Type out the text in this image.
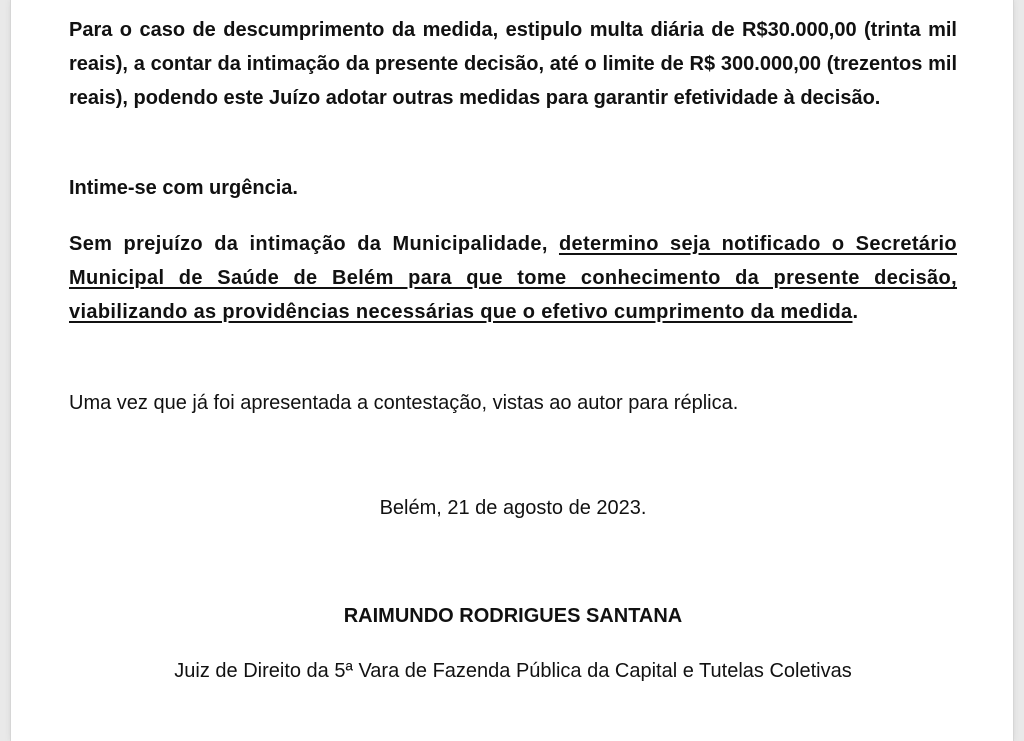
Para o caso de descumprimento da medida, estipulo multa diária de R$30.000,00 (trinta mil reais), a contar da intimação da presente decisão, até o limite de R$ 300.000,00 (trezentos mil reais), podendo este Juízo adotar outras medidas para garantir efetividade à decisão.

Intime-se com urgência.

Sem prejuízo da intimação da Municipalidade, determino seja notificado o Secretário Municipal de Saúde de Belém para que tome conhecimento da presente decisão, viabilizando as providências necessárias que o efetivo cumprimento da medida.

Uma vez que já foi apresentada a contestação, vistas ao autor para réplica.

Belém, 21 de agosto de 2023.

RAIMUNDO RODRIGUES SANTANA

Juiz de Direito da 5ª Vara de Fazenda Pública da Capital e Tutelas Coletivas
